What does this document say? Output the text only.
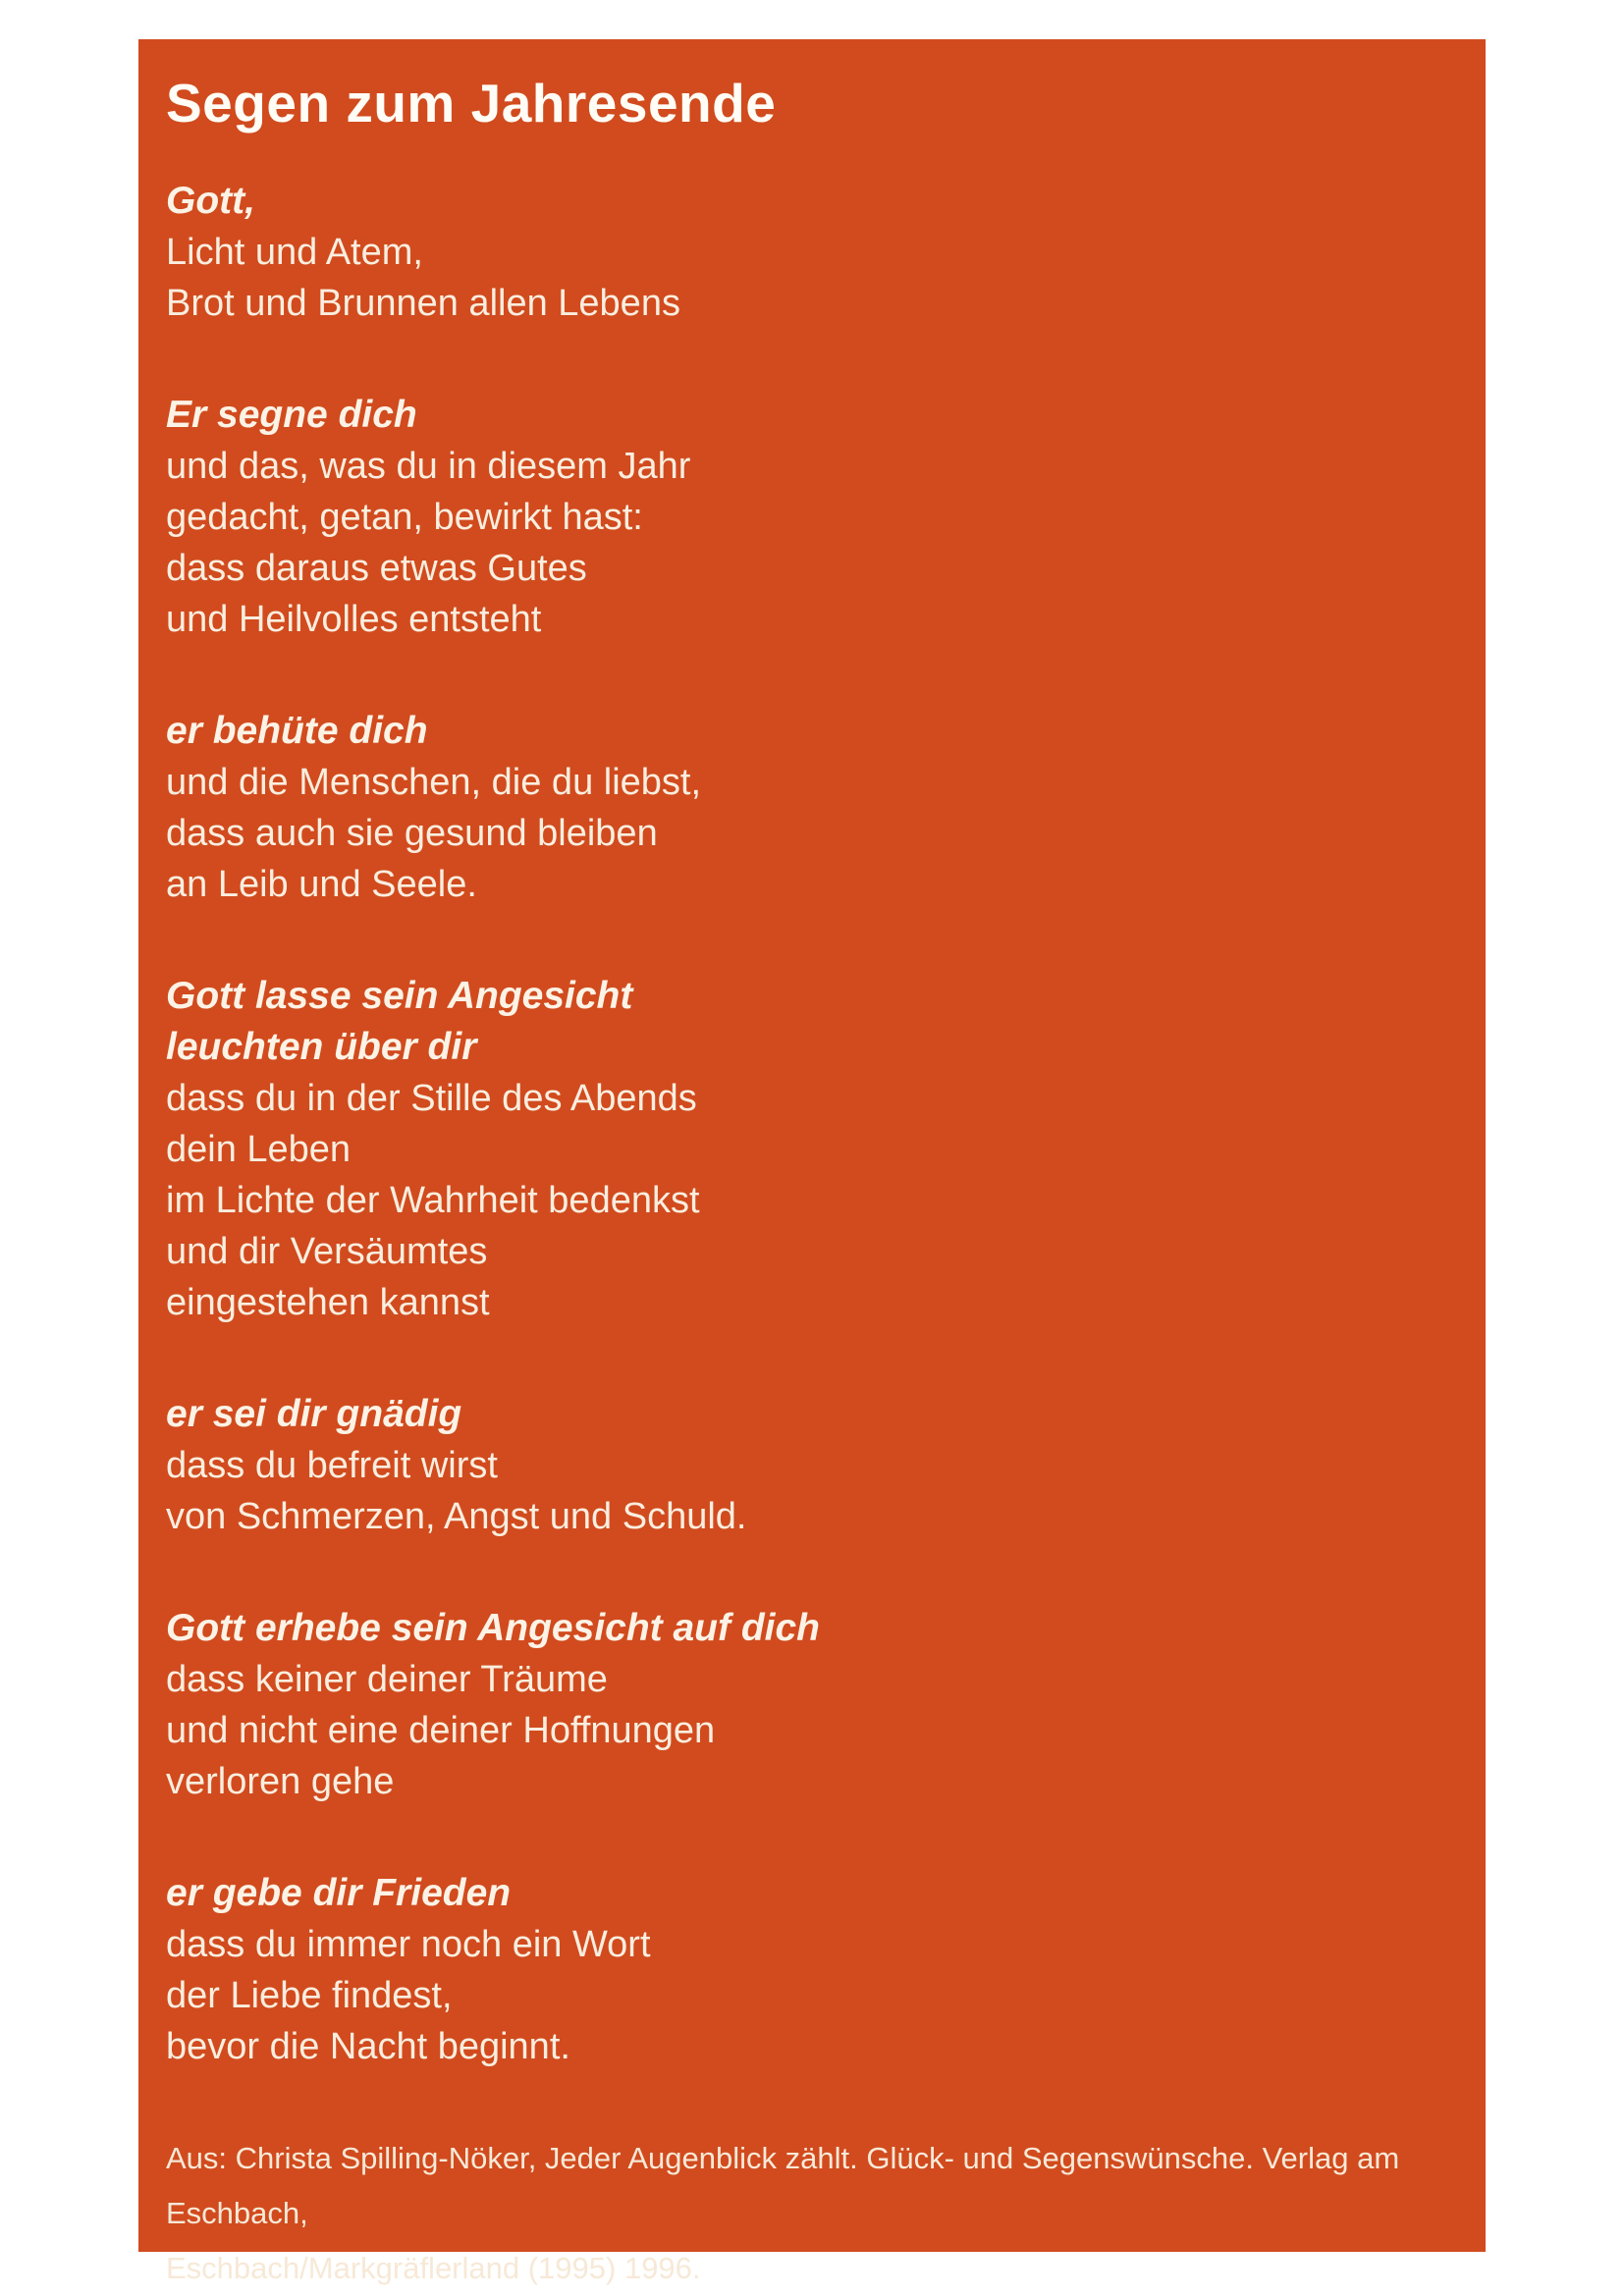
Segen zum Jahresende
Gott,
Licht und Atem,
Brot und Brunnen allen Lebens
Er segne dich
und das, was du in diesem Jahr
gedacht, getan, bewirkt hast:
dass daraus etwas Gutes
und Heilvolles entsteht
er behüte dich
und die Menschen, die du liebst,
dass auch sie gesund bleiben
an Leib und Seele.
Gott lasse sein Angesicht
leuchten über dir
dass du in der Stille des Abends
dein Leben
im Lichte der Wahrheit bedenkst
und dir Versäumtes
eingestehen kannst
er sei dir gnädig
dass du befreit wirst
von Schmerzen, Angst und Schuld.
Gott erhebe sein Angesicht auf dich
dass keiner deiner Träume
und nicht eine deiner Hoffnungen
verloren gehe
er gebe dir Frieden
dass du immer noch ein Wort
der Liebe findest,
bevor die Nacht beginnt.
Aus: Christa Spilling-Nöker, Jeder Augenblick zählt. Glück- und Segenswünsche. Verlag am Eschbach,
Eschbach/Markgräflerland (1995) 1996.
